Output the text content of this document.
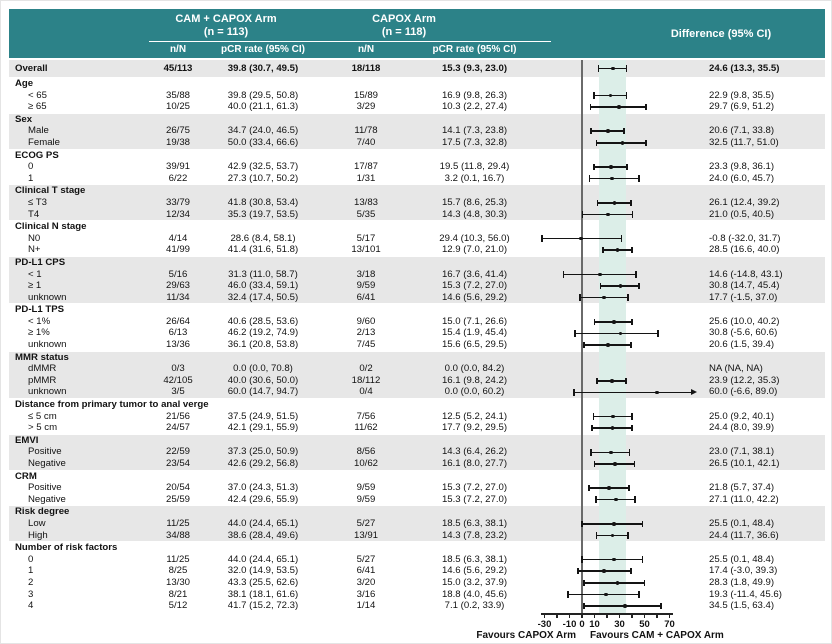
CAM + CAPOX Arm
(n = 113)
CAPOX Arm
(n = 118)	Difference (95% CI)
n/N	pCR rate (95% CI)	n/N	pCR rate (95% CI)
Overall	45/113	39.8 (30.7, 49.5)	18/118	15.3 (9.3, 23.0)	24.6 (13.3, 35.5)
Age
< 65	35/88	39.8 (29.5, 50.8)	15/89	16.9 (9.8, 26.3)	22.9 (9.8, 35.5)
≥ 65	10/25	40.0 (21.1, 61.3)	3/29	10.3 (2.2, 27.4)	29.7 (6.9, 51.2)
Sex
Male	26/75	34.7 (24.0, 46.5)	11/78	14.1 (7.3, 23.8)	20.6 (7.1, 33.8)
Female	19/38	50.0 (33.4, 66.6)	7/40	17.5 (7.3, 32.8)	32.5 (11.7, 51.0)
ECOG PS
0	39/91	42.9 (32.5, 53.7)	17/87	19.5 (11.8, 29.4)	23.3 (9.8, 36.1)
1	6/22	27.3 (10.7, 50.2)	1/31	3.2 (0.1, 16.7)	24.0 (6.0, 45.7)
Clinical T stage
≤ T3	33/79	41.8 (30.8, 53.4)	13/83	15.7 (8.6, 25.3)	26.1 (12.4, 39.2)
T4	12/34	35.3 (19.7, 53.5)	5/35	14.3 (4.8, 30.3)	21.0 (0.5, 40.5)
Clinical N stage
N0	4/14	28.6 (8.4, 58.1)	5/17	29.4 (10.3, 56.0)	-0.8 (-32.0, 31.7)
N+	41/99	41.4 (31.6, 51.8)	13/101	12.9 (7.0, 21.0)	28.5 (16.6, 40.0)
PD-L1 CPS
< 1	5/16	31.3 (11.0, 58.7)	3/18	16.7 (3.6, 41.4)	14.6 (-14.8, 43.1)
≥ 1	29/63	46.0 (33.4, 59.1)	9/59	15.3 (7.2, 27.0)	30.8 (14.7, 45.4)
unknown	11/34	32.4 (17.4, 50.5)	6/41	14.6 (5.6, 29.2)	17.7 (-1.5, 37.0)
PD-L1 TPS
< 1%	26/64	40.6 (28.5, 53.6)	9/60	15.0 (7.1, 26.6)	25.6 (10.0, 40.2)
≥ 1%	6/13	46.2 (19.2, 74.9)	2/13	15.4 (1.9, 45.4)	30.8 (-5.6, 60.6)
unknown	13/36	36.1 (20.8, 53.8)	7/45	15.6 (6.5, 29.5)	20.6 (1.5, 39.4)
MMR status
dMMR	0/3	0.0 (0.0, 70.8)	0/2	0.0 (0.0, 84.2)	NA (NA, NA)
pMMR	42/105	40.0 (30.6, 50.0)	18/112	16.1 (9.8, 24.2)	23.9 (12.2, 35.3)
unknown	3/5	60.0 (14.7, 94.7)	0/4	0.0 (0.0, 60.2)	60.0 (-6.6, 89.0)
Distance from primary tumor to anal verge
≤ 5 cm	21/56	37.5 (24.9, 51.5)	7/56	12.5 (5.2, 24.1)	25.0 (9.2, 40.1)
> 5 cm	24/57	42.1 (29.1, 55.9)	11/62	17.7 (9.2, 29.5)	24.4 (8.0, 39.9)
EMVI
Positive	22/59	37.3 (25.0, 50.9)	8/56	14.3 (6.4, 26.2)	23.0 (7.1, 38.1)
Negative	23/54	42.6 (29.2, 56.8)	10/62	16.1 (8.0, 27.7)	26.5 (10.1, 42.1)
CRM
Positive	20/54	37.0 (24.3, 51.3)	9/59	15.3 (7.2, 27.0)	21.8 (5.7, 37.4)
Negative	25/59	42.4 (29.6, 55.9)	9/59	15.3 (7.2, 27.0)	27.1 (11.0, 42.2)
Risk degree
Low	11/25	44.0 (24.4, 65.1)	5/27	18.5 (6.3, 38.1)	25.5 (0.1, 48.4)
High	34/88	38.6 (28.4, 49.6)	13/91	14.3 (7.8, 23.2)	24.4 (11.7, 36.6)
Number of risk factors
0	11/25	44.0 (24.4, 65.1)	5/27	18.5 (6.3, 38.1)	25.5 (0.1, 48.4)
1	8/25	32.0 (14.9, 53.5)	6/41	14.6 (5.6, 29.2)	17.4 (-3.0, 39.3)
2	13/30	43.3 (25.5, 62.6)	3/20	15.0 (3.2, 37.9)	28.3 (1.8, 49.9)
3	8/21	38.1 (18.1, 61.6)	3/16	18.8 (4.0, 45.6)	19.3 (-11.4, 45.6)
4	5/12	41.7 (15.2, 72.3)	1/14	7.1 (0.2, 33.9)	34.5 (1.5, 63.4)
-30	-10 0 10	30	50	70
Favours CAPOX Arm Favours CAM + CAPOX Arm
